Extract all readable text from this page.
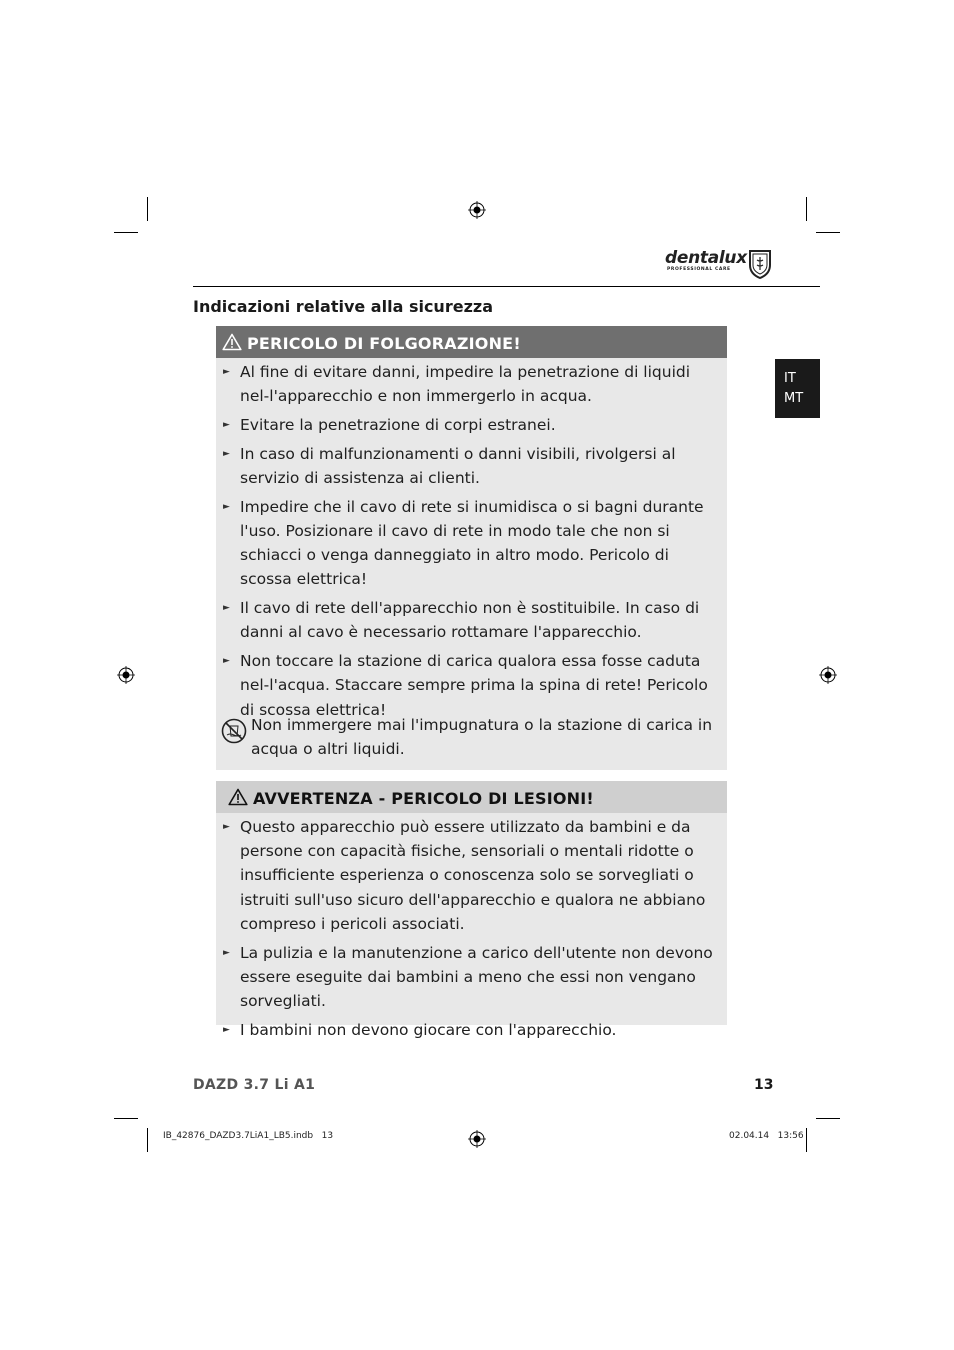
dentalux
PROFESSIONAL CARE
IT
MT
Indicazioni relative alla sicurezza
PERICOLO DI FOLGORAZIONE!
► Al fine di evitare danni, impedire la penetrazione di liquidi nel-l'apparecchio e non immergerlo in acqua.
► Evitare la penetrazione di corpi estranei.
► In caso di malfunzionamenti o danni visibili, rivolgersi al servizio di assistenza ai clienti.
► Impedire che il cavo di rete si inumidisca o si bagni durante l'uso. Posizionare il cavo di rete in modo tale che non si schiacci o venga danneggiato in altro modo. Pericolo di scossa elettrica!
► Il cavo di rete dell'apparecchio non è sostituibile. In caso di danni al cavo è necessario rottamare l'apparecchio.
► Non toccare la stazione di carica qualora essa fosse caduta nel-l'acqua. Staccare sempre prima la spina di rete! Pericolo di scossa elettrica!
Non immergere mai l'impugnatura o la stazione di carica in acqua o altri liquidi.
AVVERTENZA - PERICOLO DI LESIONI!
► Questo apparecchio può essere utilizzato da bambini e da persone con capacità fisiche, sensoriali o mentali ridotte o insufficiente esperienza o conoscenza solo se sorvegliati o istruiti sull'uso sicuro dell'apparecchio e qualora ne abbiano compreso i pericoli associati.
► La pulizia e la manutenzione a carico dell'utente non devono essere eseguite dai bambini a meno che essi non vengano sorvegliati.
► I bambini non devono giocare con l'apparecchio.
DAZD 3.7 Li A1	13
IB_42876_DAZD3.7LiA1_LB5.indb   13	02.04.14   13:56
